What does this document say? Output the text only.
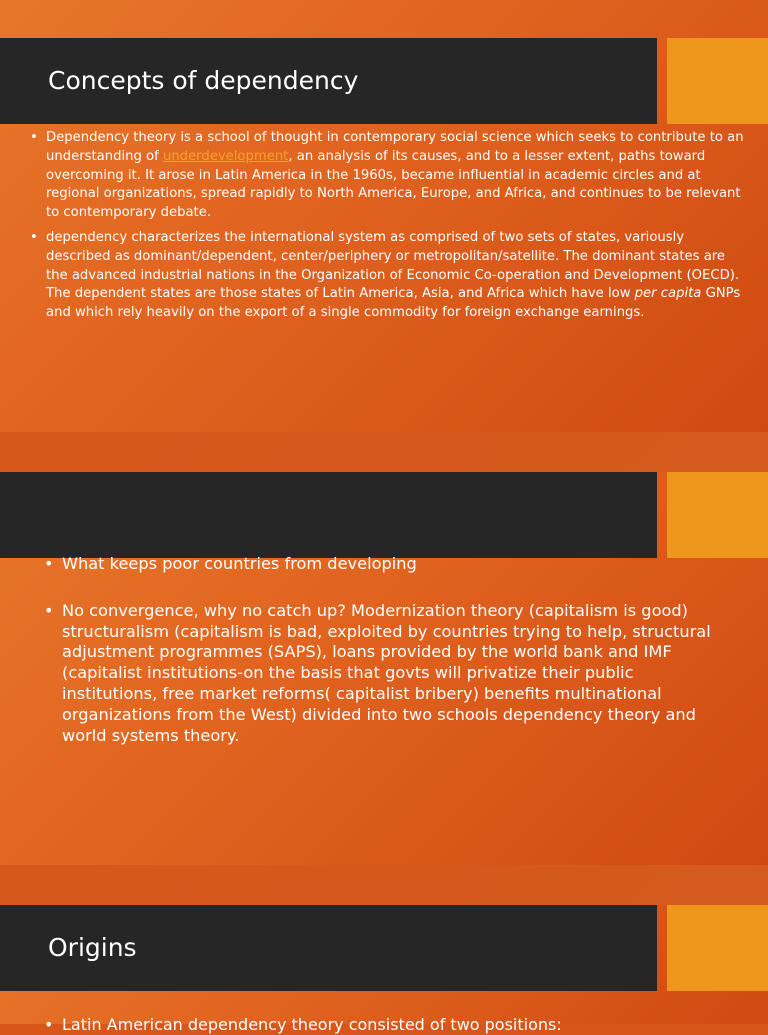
Concepts of dependency
• Dependency theory is a school of thought in contemporary social science which seeks to contribute to an understanding of underdevelopment, an analysis of its causes, and to a lesser extent, paths toward overcoming it. It arose in Latin America in the 1960s, became influential in academic circles and at regional organizations, spread rapidly to North America, Europe, and Africa, and continues to be relevant to contemporary debate.
• dependency characterizes the international system as comprised of two sets of states, variously described as dominant/dependent, center/periphery or metropolitan/satellite. The dominant states are the advanced industrial nations in the Organization of Economic Co-operation and Development (OECD). The dependent states are those states of Latin America, Asia, and Africa which have low per capita GNPs and which rely heavily on the export of a single commodity for foreign exchange earnings.
• What keeps poor countries from developing
• No convergence, why no catch up? Modernization theory (capitalism is good) structuralism (capitalism is bad, exploited by countries trying to help, structural adjustment programmes (SAPS), loans provided by the world bank and IMF (capitalist institutions-on the basis that govts will privatize their public institutions, free market reforms( capitalist bribery) benefits multinational organizations from the West) divided into two schools dependency theory and world systems theory.
Origins
• Latin American dependency theory consisted of two positions:
